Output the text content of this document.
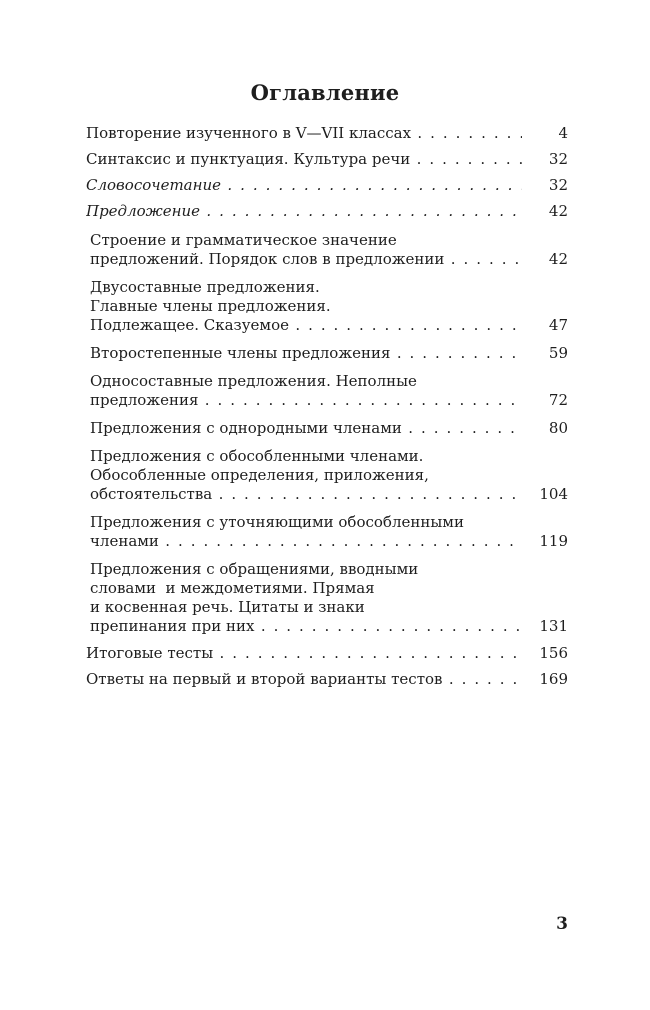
Оглавление
Повторение изученного в V—VII классах . . .	4
Синтаксис и пунктуация. Культура речи . . .	32
Словосочетание . . .	32
Предложение . . .	42
Строение и грамматическое значение
предложений. Порядок слов в предложении . . .	42
Двусоставные предложения.
Главные члены предложения.
Подлежащее. Сказуемое . . .	47
Второстепенные члены предложения . . .	59
Односоставные предложения. Неполные
предложения . . .	72
Предложения с однородными членами . . .	80
Предложения с обособленными членами.
Обособленные определения, приложения,
обстоятельства . . .	104
Предложения с уточняющими обособленными
членами . . .	119
Предложения с обращениями, вводными
словами  и междометиями. Прямая
и косвенная речь. Цитаты и знаки
препинания при них . . .	131
Итоговые тесты . . .	156
Ответы на первый и второй варианты тестов . . .	169
3
